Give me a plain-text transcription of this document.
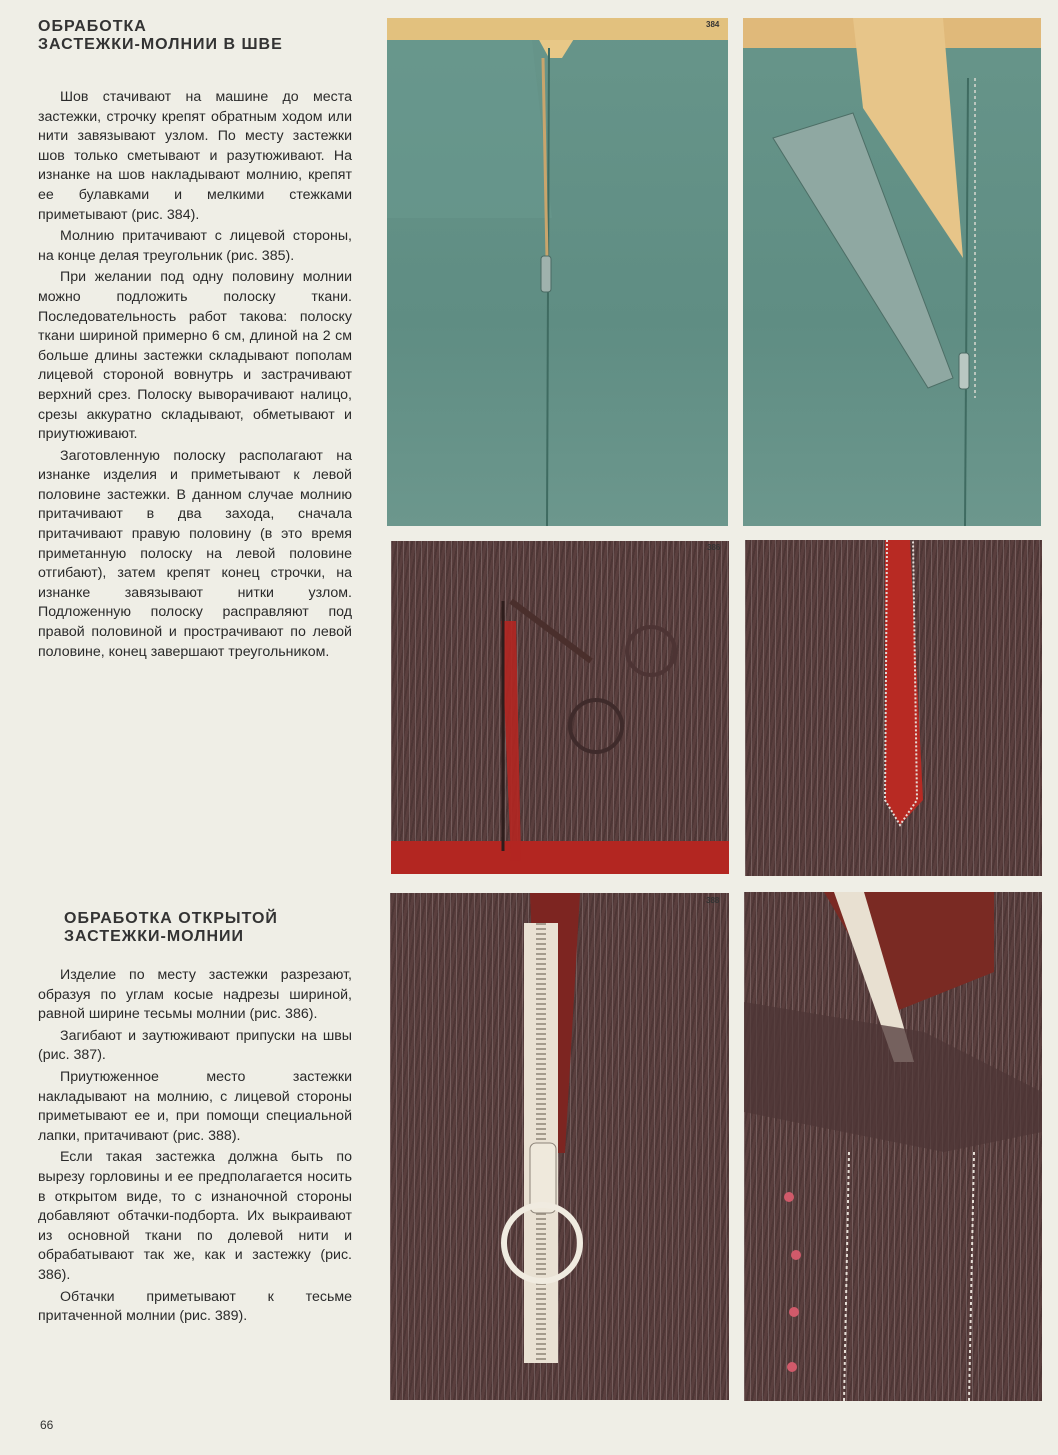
ОБРАБОТКА
ЗАСТЕЖКИ-МОЛНИИ В ШВЕ

Шов стачивают на машине до места застежки, строчку крепят обратным ходом или нити завязывают узлом. По месту застежки шов только сметывают и разутюживают. На изнанке на шов накладывают молнию, крепят ее булавками и мелкими стежками приметывают (рис. 384).

Молнию притачивают с лицевой стороны, на конце делая треугольник (рис. 385).

При желании под одну половину молнии можно подложить полоску ткани. Последовательность работ такова: полоску ткани шириной примерно 6 см, длиной на 2 см больше длины застежки складывают пополам лицевой стороной вовнутрь и застрачивают верхний срез. Полоску выворачивают налицо, срезы аккуратно складывают, обметывают и приутюживают.

Заготовленную полоску располагают на изнанке изделия и приметывают к левой половине застежки. В данном случае молнию притачивают в два захода, сначала притачивают правую половину (в это время приметанную полоску на левой половине отгибают), затем крепят конец строчки, на изнанке завязывают нитки узлом. Подложенную полоску расправляют под правой половиной и прострачивают по левой половине, конец завершают треугольником.

ОБРАБОТКА ОТКРЫТОЙ
ЗАСТЕЖКИ-МОЛНИИ

Изделие по месту застежки разрезают, образуя по углам косые надрезы шириной, равной ширине тесьмы молнии (рис. 386).

Загибают и заутюживают припуски на швы (рис. 387).

Приутюженное место застежки накладывают на молнию, с лицевой стороны приметывают ее и, при помощи специальной лапки, притачивают (рис. 388).

Если такая застежка должна быть по вырезу горловины и ее предполагается носить в открытом виде, то с изнаночной стороны добавляют обтачки-подборта. Их выкраивают из основной ткани по долевой нити и обрабатывают так же, как и застежку (рис. 386).

Обтачки приметывают к тесьме притаченной молнии (рис. 389).

66
384
386
388
